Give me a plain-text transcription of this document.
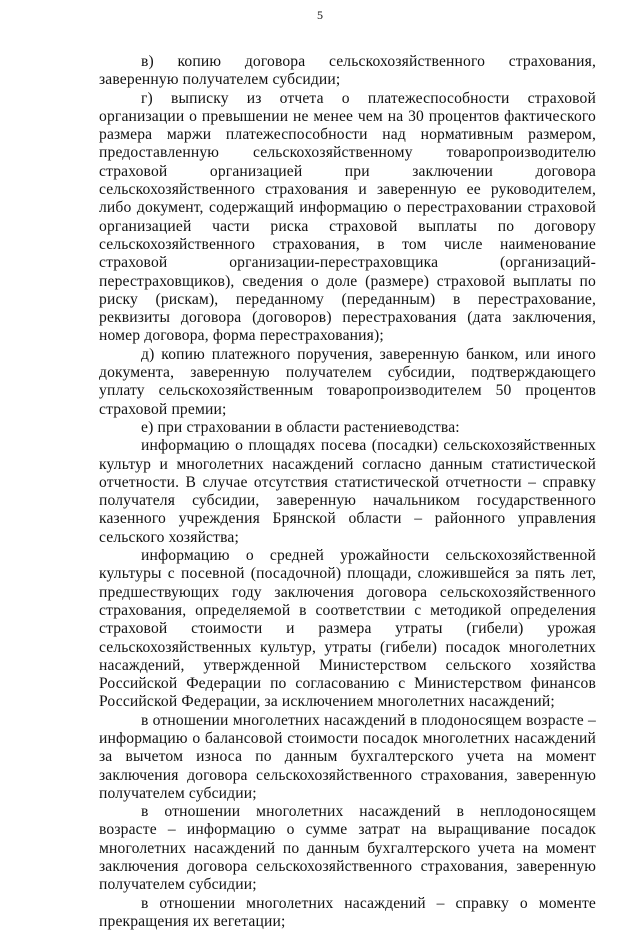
5

в) копию договора сельскохозяйственного страхования, заверенную получателем субсидии;

г) выписку из отчета о платежеспособности страховой организации о превышении не менее чем на 30 процентов фактического размера маржи платежеспособности над нормативным размером, предоставленную сельскохозяйственному товаропроизводителю страховой организацией при заключении договора сельскохозяйственного страхования и заверенную ее руководителем, либо документ, содержащий информацию о перестраховании страховой организацией части риска страховой выплаты по договору сельскохозяйственного страхования, в том числе наименование страховой организации-перестраховщика (организаций-перестраховщиков), сведения о доле (размере) страховой выплаты по риску (рискам), переданному (переданным) в перестрахование, реквизиты договора (договоров) перестрахования (дата заключения, номер договора, форма перестрахования);

д) копию платежного поручения, заверенную банком, или иного документа, заверенную получателем субсидии, подтверждающего уплату сельскохозяйственным товаропроизводителем 50 процентов страховой премии;

е) при страховании в области растениеводства:

информацию о площадях посева (посадки) сельскохозяйственных культур и многолетних насаждений согласно данным статистической отчетности. В случае отсутствия статистической отчетности – справку получателя субсидии, заверенную начальником государственного казенного учреждения Брянской области – районного управления сельского хозяйства;

информацию о средней урожайности сельскохозяйственной культуры с посевной (посадочной) площади, сложившейся за пять лет, предшествующих году заключения договора сельскохозяйственного страхования, определяемой в соответствии с методикой определения страховой стоимости и размера утраты (гибели) урожая сельскохозяйственных культур, утраты (гибели) посадок многолетних насаждений, утвержденной Министерством сельского хозяйства Российской Федерации по согласованию с Министерством финансов Российской Федерации, за исключением многолетних насаждений;

в отношении многолетних насаждений в плодоносящем возрасте – информацию о балансовой стоимости посадок многолетних насаждений за вычетом износа по данным бухгалтерского учета на момент заключения договора сельскохозяйственного страхования, заверенную получателем субсидии;

в отношении многолетних насаждений в неплодоносящем возрасте – информацию о сумме затрат на выращивание посадок многолетних насаждений по данным бухгалтерского учета на момент заключения договора сельскохозяйственного страхования, заверенную получателем субсидии;

в отношении многолетних насаждений – справку о моменте прекращения их вегетации;
